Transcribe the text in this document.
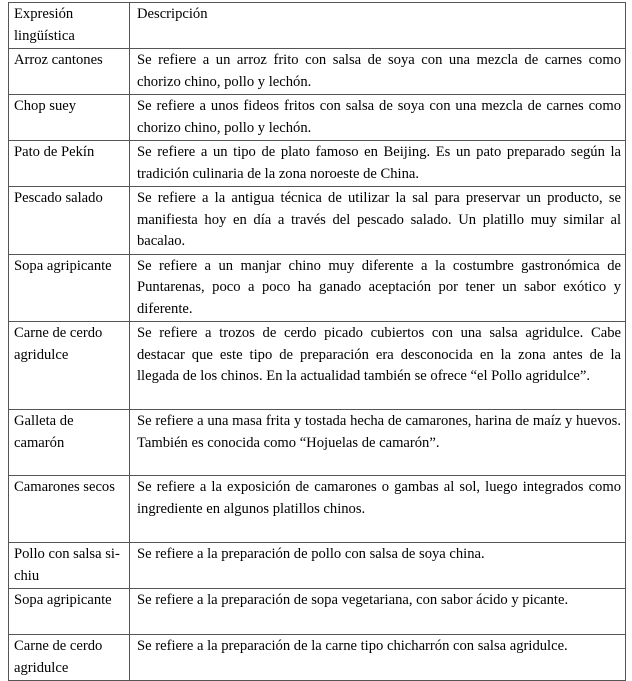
Expresión lingüística	Descripción
Arroz cantones	Se refiere a un arroz frito con salsa de soya con una mezcla de carnes como chorizo chino, pollo y lechón.
Chop suey	Se refiere a unos fideos fritos con salsa de soya con una mezcla de carnes como chorizo chino, pollo y lechón.
Pato de Pekín	Se refiere a un tipo de plato famoso en Beijing. Es un pato preparado según la tradición culinaria de la zona noroeste de China.
Pescado salado	Se refiere a la antigua técnica de utilizar la sal para preservar un producto, se manifiesta hoy en día a través del pescado salado. Un platillo muy similar al bacalao.
Sopa agripicante	Se refiere a un manjar chino muy diferente a la costumbre gastronómica de Puntarenas, poco a poco ha ganado aceptación por tener un sabor exótico y diferente.
Carne de cerdo agridulce	Se refiere a trozos de cerdo picado cubiertos con una salsa agridulce. Cabe destacar que este tipo de preparación era desconocida en la zona antes de la llegada de los chinos. En la actualidad también se ofrece “el Pollo agridulce”.
Galleta de camarón	Se refiere a una masa frita y tostada hecha de camarones, harina de maíz y huevos. También es conocida como “Hojuelas de camarón”.
Camarones secos	Se refiere a la exposición de camarones o gambas al sol, luego integrados como ingrediente en algunos platillos chinos.
Pollo con salsa si-chiu	Se refiere a la preparación de pollo con salsa de soya china.
Sopa agripicante	Se refiere a la preparación de sopa vegetariana, con sabor ácido y picante.
Carne de cerdo agridulce	Se refiere a la preparación de la carne tipo chicharrón con salsa agridulce.
